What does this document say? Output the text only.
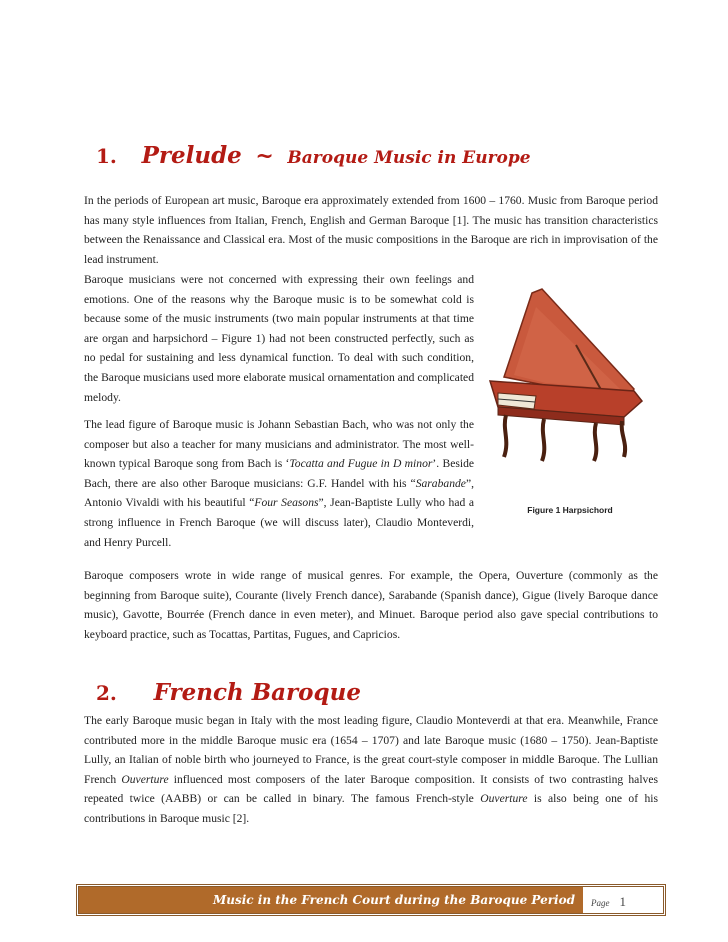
1. Prelude ~ Baroque Music in Europe

In the periods of European art music, Baroque era approximately extended from 1600 – 1760. Music from Baroque period has many style influences from Italian, French, English and German Baroque [1]. The music has transition characteristics between the Renaissance and Classical era. Most of the music compositions in the Baroque are rich in improvisation of the lead instrument.

Baroque musicians were not concerned with expressing their own feelings and emotions. One of the reasons why the Baroque music is to be somewhat cold is because some of the music instruments (two main popular instruments at that time are organ and harpsichord – Figure 1) had not been constructed perfectly, such as no pedal for sustaining and less dynamical function. To deal with such condition, the Baroque musicians used more elaborate musical ornamentation and complicated melody.

The lead figure of Baroque music is Johann Sebastian Bach, who was not only the composer but also a teacher for many musicians and administrator. The most well-known typical Baroque song from Bach is ‘Tocatta and Fugue in D minor’. Beside Bach, there are also other Baroque musicians: G.F. Handel with his “Sarabande”, Antonio Vivaldi with his beautiful “Four Seasons”, Jean-Baptiste Lully who had a strong influence in French Baroque (we will discuss later), Claudio Monteverdi, and Henry Purcell.

Figure 1 Harpsichord

Baroque composers wrote in wide range of musical genres. For example, the Opera, Ouverture (commonly as the beginning from Baroque suite), Courante (lively French dance), Sarabande (Spanish dance), Gigue (lively Baroque dance music), Gavotte, Bourrée (French dance in even meter), and Minuet. Baroque period also gave special contributions to keyboard practice, such as Tocattas, Partitas, Fugues, and Capricios.

2. French Baroque

The early Baroque music began in Italy with the most leading figure, Claudio Monteverdi at that era. Meanwhile, France contributed more in the middle Baroque music era (1654 – 1707) and late Baroque music (1680 – 1750). Jean-Baptiste Lully, an Italian of noble birth who journeyed to France, is the great court-style composer in middle Baroque. The Lullian French Ouverture influenced most composers of the later Baroque composition. It consists of two contrasting halves repeated twice (AABB) or can be called in binary. The famous French-style Ouverture is also being one of his contributions in Baroque music [2].

Music in the French Court during the Baroque Period Page 1
